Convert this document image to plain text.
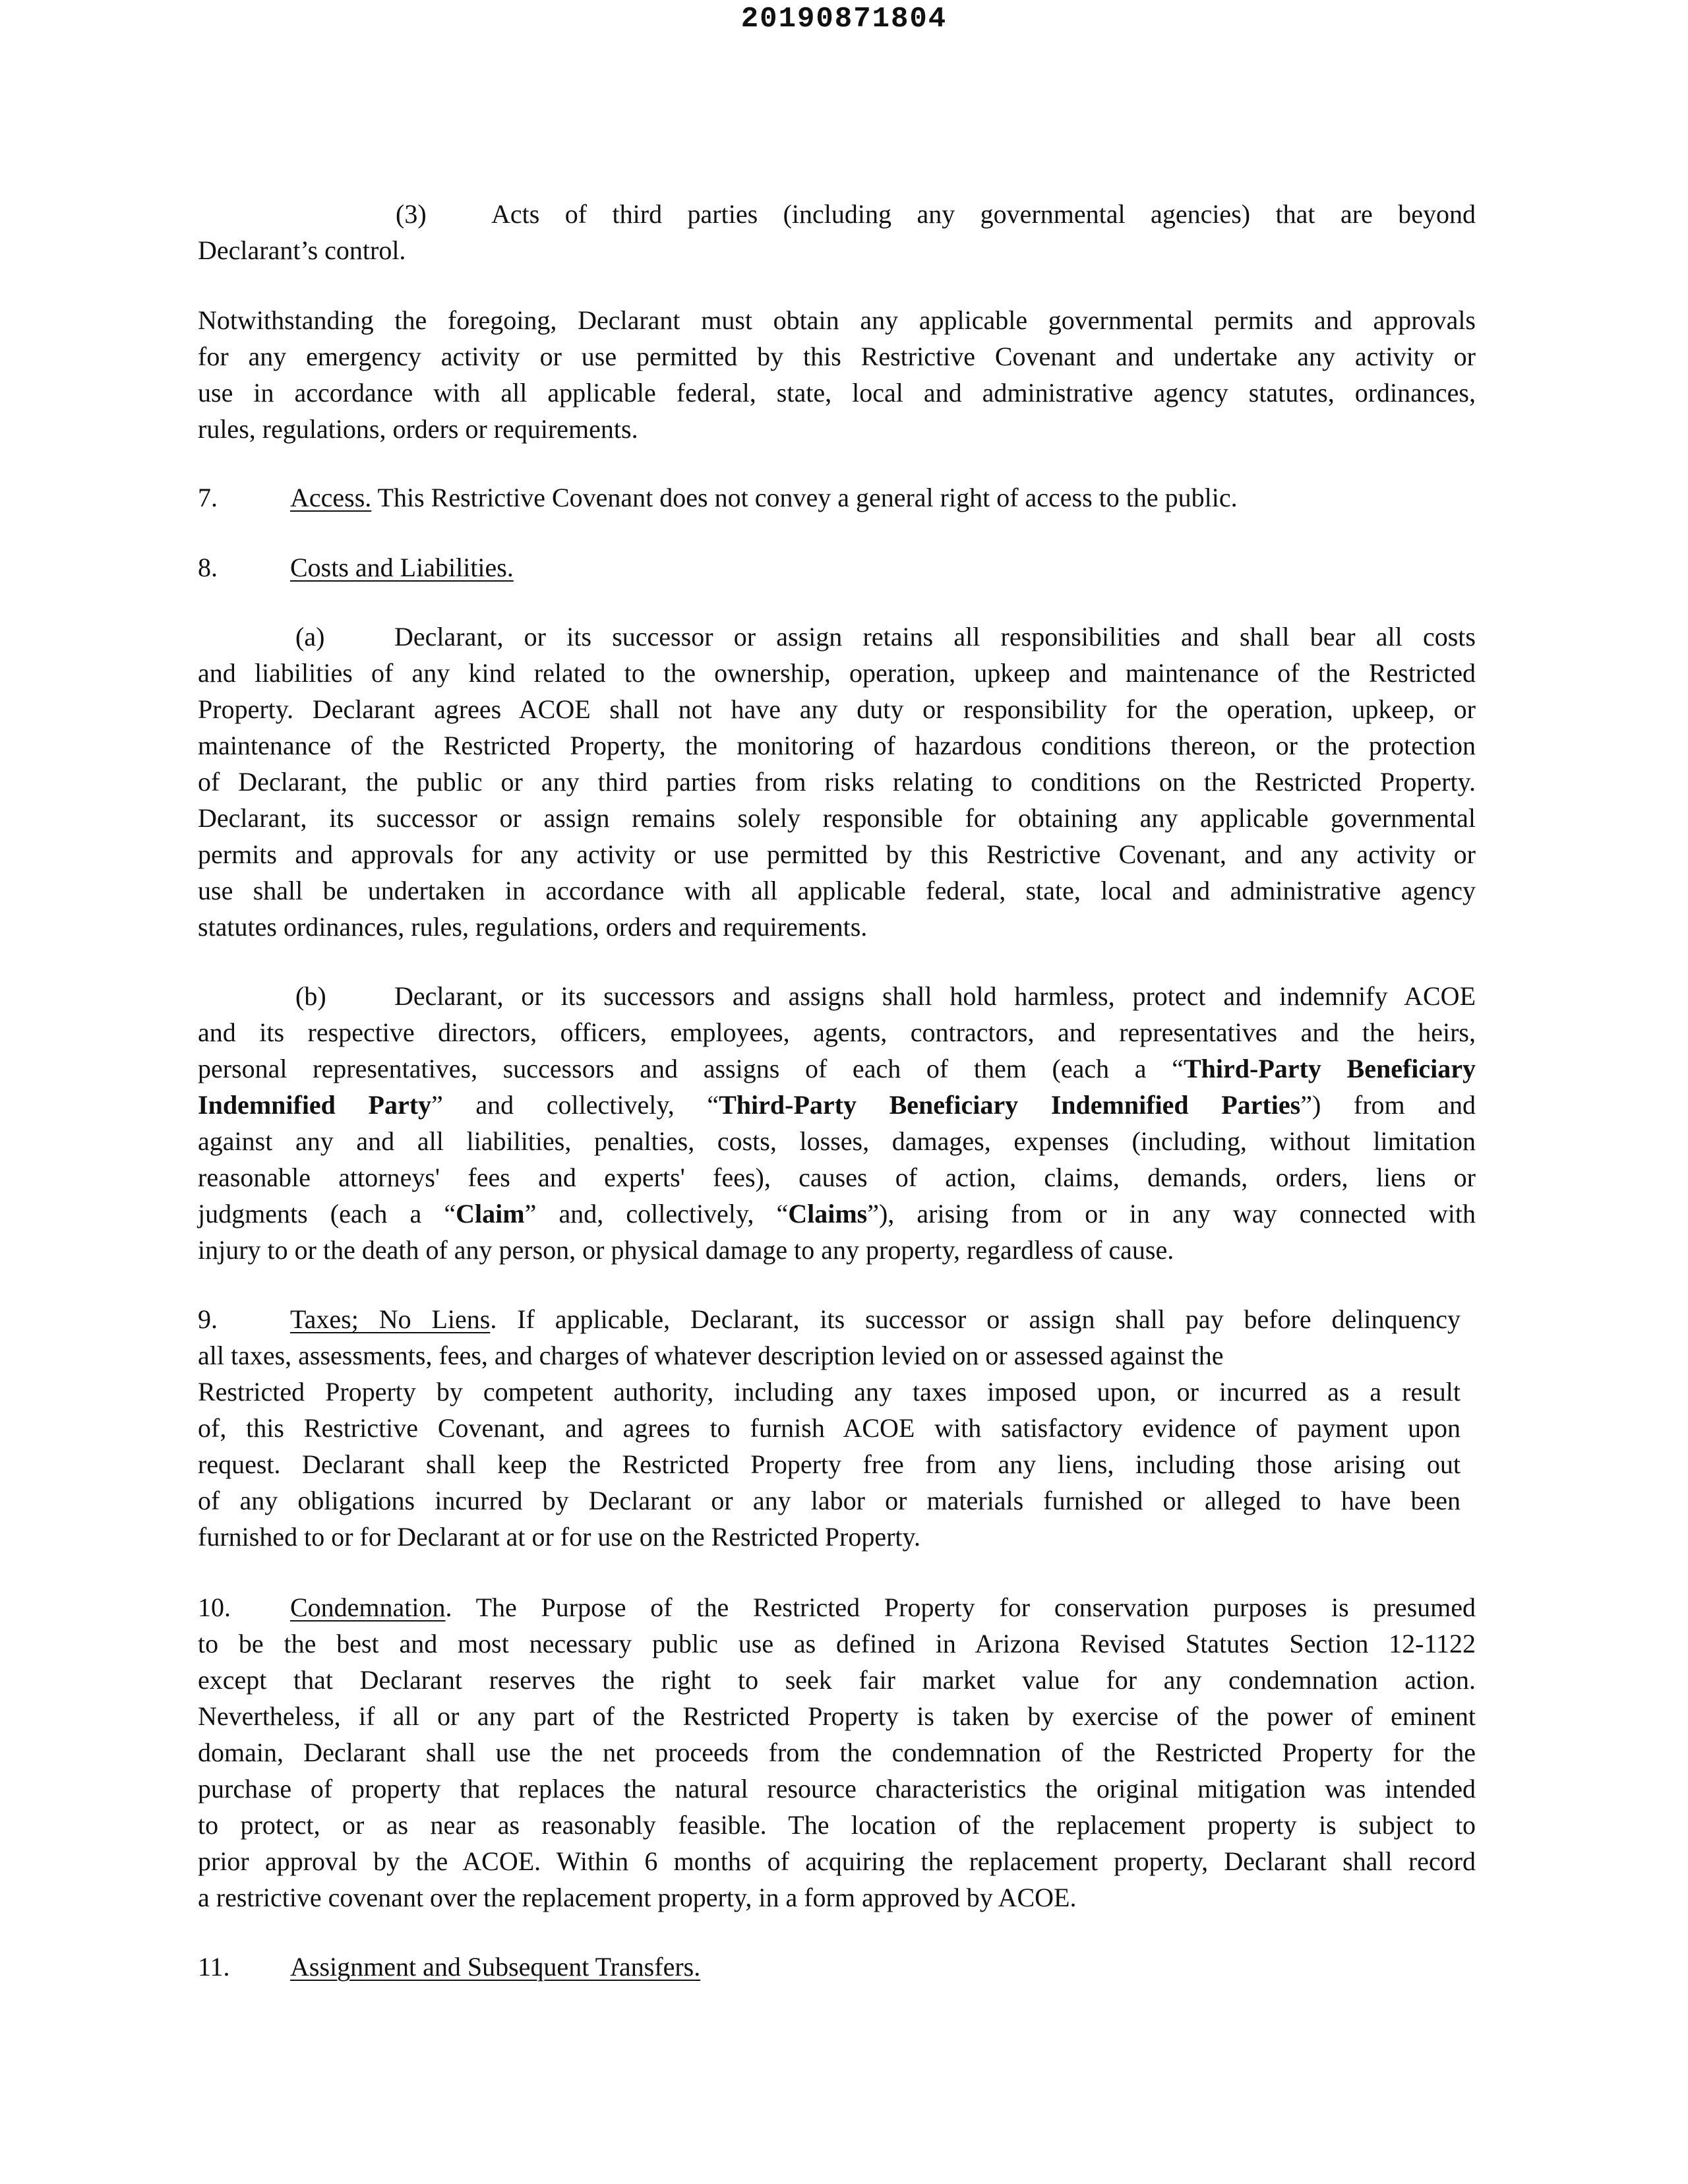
20190871804
(3) Acts of third parties (including any governmental agencies) that are beyond
Declarant’s control.
Notwithstanding the foregoing, Declarant must obtain any applicable governmental permits and approvals
for any emergency activity or use permitted by this Restrictive Covenant and undertake any activity or
use in accordance with all applicable federal, state, local and administrative agency statutes, ordinances,
rules, regulations, orders or requirements.
7.	Access. This Restrictive Covenant does not convey a general right of access to the public.
8.	Costs and Liabilities.
(a)	Declarant, or its successor or assign retains all responsibilities and shall bear all costs
and liabilities of any kind related to the ownership, operation, upkeep and maintenance of the Restricted
Property. Declarant agrees ACOE shall not have any duty or responsibility for the operation, upkeep, or
maintenance of the Restricted Property, the monitoring of hazardous conditions thereon, or the protection
of Declarant, the public or any third parties from risks relating to conditions on the Restricted Property.
Declarant, its successor or assign remains solely responsible for obtaining any applicable governmental
permits and approvals for any activity or use permitted by this Restrictive Covenant, and any activity or
use shall be undertaken in accordance with all applicable federal, state, local and administrative agency
statutes ordinances, rules, regulations, orders and requirements.
(b)	Declarant, or its successors and assigns shall hold harmless, protect and indemnify ACOE
and its respective directors, officers, employees, agents, contractors, and representatives and the heirs,
personal representatives, successors and assigns of each of them (each a “Third-Party Beneficiary
Indemnified Party” and collectively, “Third-Party Beneficiary Indemnified Parties”) from and
against any and all liabilities, penalties, costs, losses, damages, expenses (including, without limitation
reasonable attorneys' fees and experts' fees), causes of action, claims, demands, orders, liens or
judgments (each a “Claim” and, collectively, “Claims”), arising from or in any way connected with
injury to or the death of any person, or physical damage to any property, regardless of cause.
9.	Taxes; No Liens. If applicable, Declarant, its successor or assign shall pay before delinquency
all taxes, assessments, fees, and charges of whatever description levied on or assessed against the
Restricted Property by competent authority, including any taxes imposed upon, or incurred as a result
of, this Restrictive Covenant, and agrees to furnish ACOE with satisfactory evidence of payment upon
request. Declarant shall keep the Restricted Property free from any liens, including those arising out
of any obligations incurred by Declarant or any labor or materials furnished or alleged to have been
furnished to or for Declarant at or for use on the Restricted Property.
10. Condemnation. The Purpose of the Restricted Property for conservation purposes is presumed
to be the best and most necessary public use as defined in Arizona Revised Statutes Section 12-1122
except that Declarant reserves the right to seek fair market value for any condemnation action.
Nevertheless, if all or any part of the Restricted Property is taken by exercise of the power of eminent
domain, Declarant shall use the net proceeds from the condemnation of the Restricted Property for the
purchase of property that replaces the natural resource characteristics the original mitigation was intended
to protect, or as near as reasonably feasible. The location of the replacement property is subject to
prior approval by the ACOE. Within 6 months of acquiring the replacement property, Declarant shall record
a restrictive covenant over the replacement property, in a form approved by ACOE.
11. Assignment and Subsequent Transfers.
